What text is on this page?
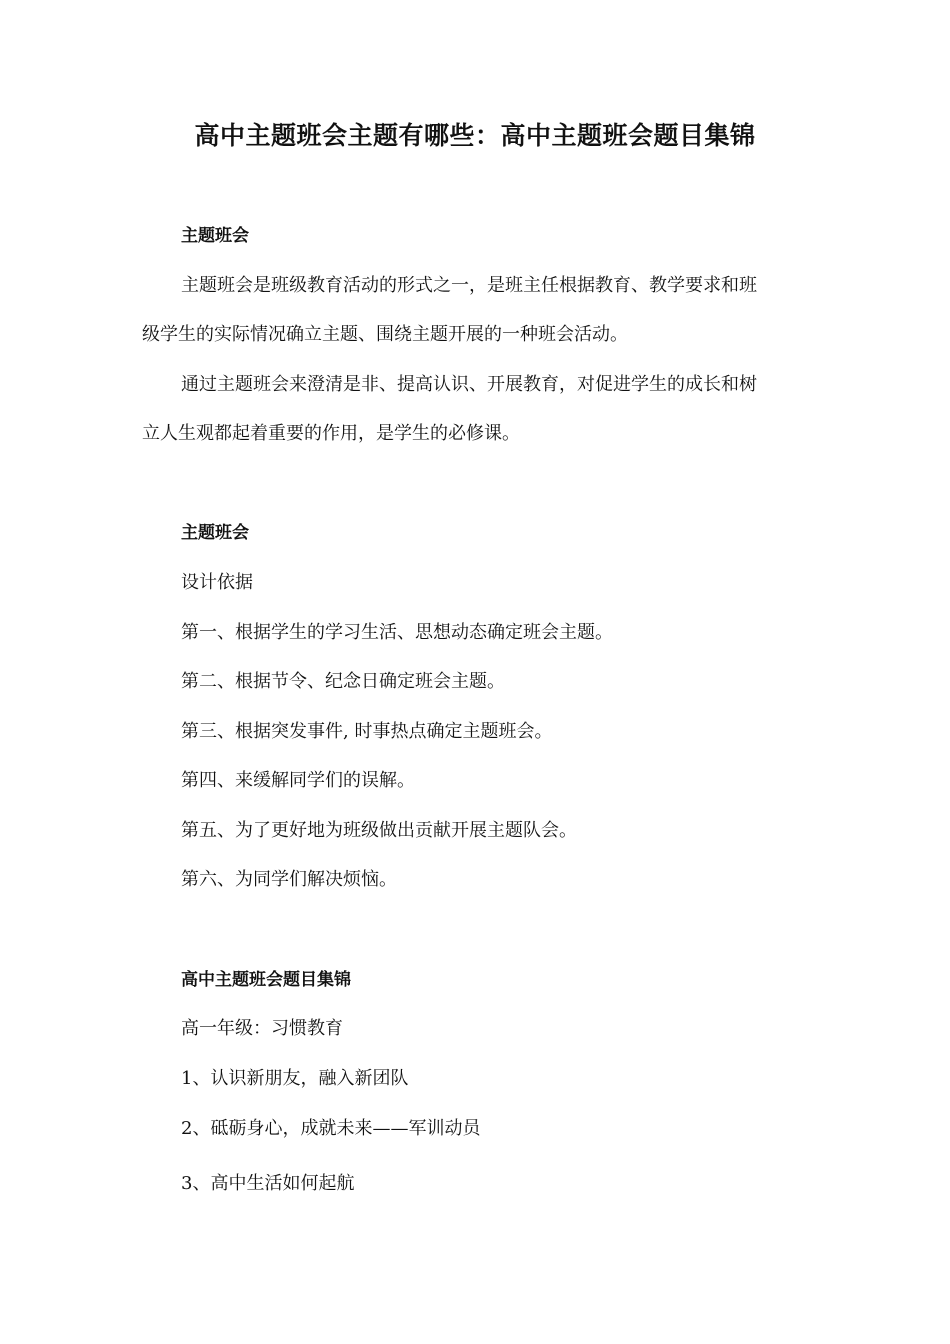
高中主题班会主题有哪些：高中主题班会题目集锦
主题班会
主题班会是班级教育活动的形式之一，是班主任根据教育、教学要求和班
级学生的实际情况确立主题、围绕主题开展的一种班会活动。
通过主题班会来澄清是非、提高认识、开展教育，对促进学生的成长和树
立人生观都起着重要的作用，是学生的必修课。
主题班会
设计依据
第一、根据学生的学习生活、思想动态确定班会主题。
第二、根据节令、纪念日确定班会主题。
第三、根据突发事件, 时事热点确定主题班会。
第四、来缓解同学们的误解。
第五、为了更好地为班级做出贡献开展主题队会。
第六、为同学们解决烦恼。
高中主题班会题目集锦
高一年级：习惯教育
1、认识新朋友，融入新团队
2、砥砺身心，成就未来——军训动员
3、高中生活如何起航
